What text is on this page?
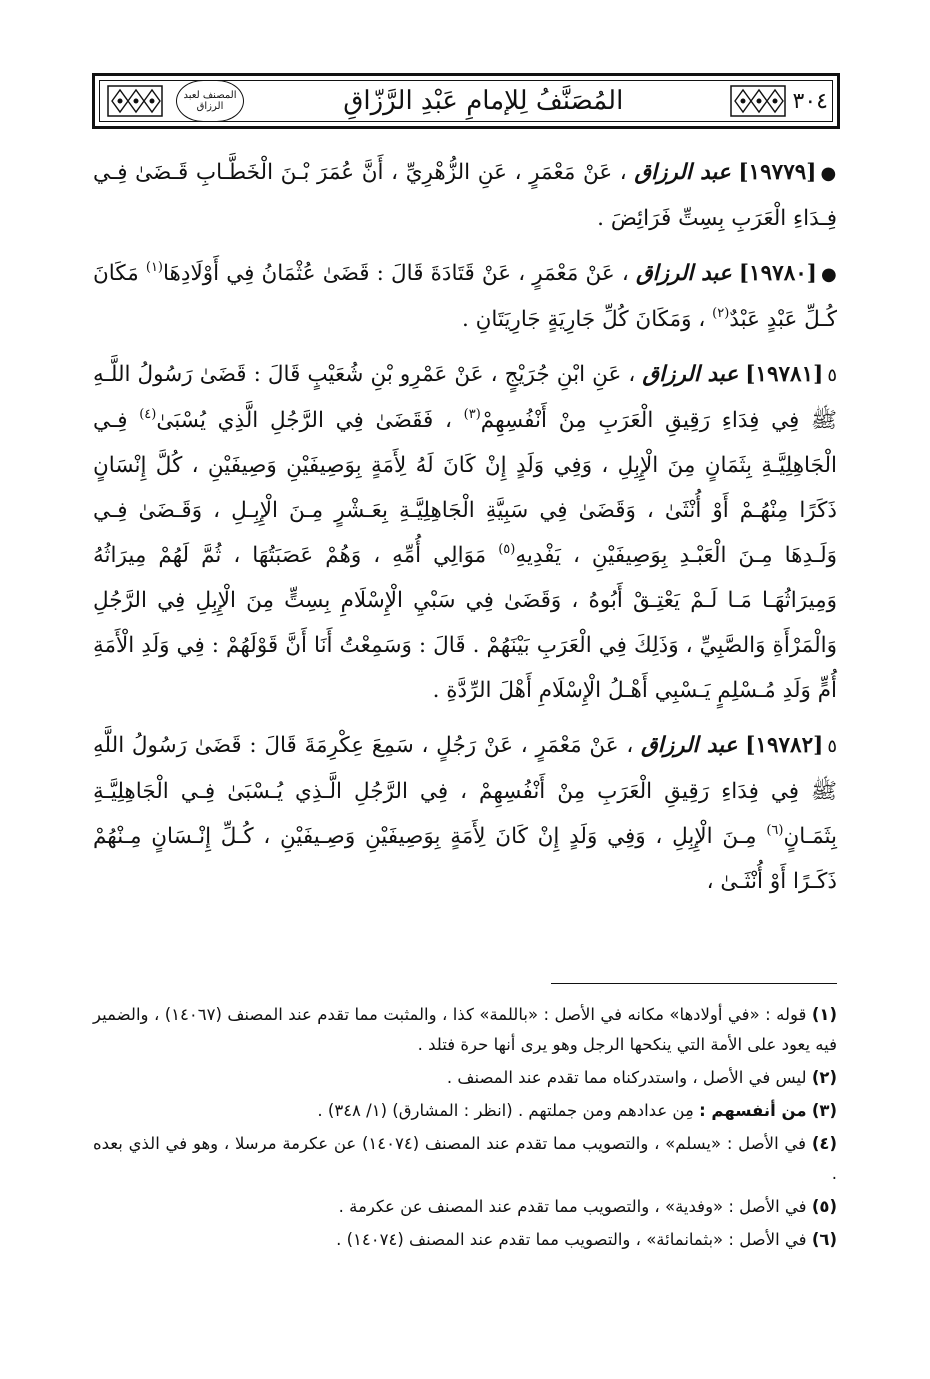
المصنف لعبد الرزاق	المُصَنَّفُ لِلإمامِ عَبْدِ الرَّزّاقِ	٣٠٤

●[١٩٧٧٩] عبد الرزاق ، عَنْ مَعْمَرٍ ، عَنِ الزُّهْرِيِّ ، أَنَّ عُمَرَ بْـنَ الْخَطَّـابِ قَـضَىٰ فِـي فِـدَاءِ الْعَرَبِ بِسِتِّ فَرَائِضَ .

●[١٩٧٨٠] عبد الرزاق ، عَنْ مَعْمَرٍ ، عَنْ قَتَادَةَ قَالَ : قَضَىٰ عُثْمَانُ فِي أَوْلَادِهَا$^{(١)}$ مَكَانَ كُـلِّ عَبْدٍ عَبْدٌ$^{(٢)}$ ، وَمَكَانَ كُلِّ جَارِيَةٍ جَارِيَتَانِ .

٥[١٩٧٨١] عبد الرزاق ، عَنِ ابْنِ جُرَيْجٍ ، عَنْ عَمْرِو بْنِ شُعَيْبٍ قَالَ : قَضَىٰ رَسُولُ اللَّـهِ ﷺ فِي فِدَاءِ رَقِيقِ الْعَرَبِ مِنْ أَنْفُسِهِمْ$^{(٣)}$ ، فَقَضَىٰ فِي الرَّجُلِ الَّذِي يُسْبَىٰ$^{(٤)}$ فِـي الْجَاهِلِيَّـةِ بِثَمَانٍ مِنَ الْإِبِلِ ، وَفِي وَلَدٍ إِنْ كَانَ لَهُ لِأَمَةٍ بِوَصِيفَيْنِ وَصِيفَيْنِ ، كُلَّ إِنْسَانٍ ذَكَرًا مِنْهُـمْ أَوْ أُنْثَىٰ ، وَقَضَىٰ فِي سَبِيَّةِ الْجَاهِلِيَّـةِ بِعَـشْرٍ مِـنَ الْإِبِـلِ ، وَقَـضَىٰ فِـي وَلَـدِهَا مِـنَ الْعَبْـدِ بِوَصِيفَيْنِ ، يَفْدِيهِ$^{(٥)}$ مَوَالِي أُمِّهِ ، وَهُمْ عَصَبَتُهَا ، ثُمَّ لَهُمْ مِيرَاثُهُ وَمِيرَاثُهَـا مَـا لَـمْ يَعْتِـقْ أَبُوهُ ، وَقَضَىٰ فِي سَبْيِ الْإِسْلَامِ بِسِتٍّ مِنَ الْإِبِلِ فِي الرَّجُلِ وَالْمَرْأَةِ وَالصَّبِيِّ ، وَذَلِكَ فِي الْعَرَبِ بَيْنَهُمْ . قَالَ : وَسَمِعْتُ أَنَا أَنَّ قَوْلَهُمْ : فِي وَلَدِ الْأَمَةِ أُمٍّ وَلَدِ مُـسْلِمٍ يَـسْبِي أَهْـلُ الْإِسْلَامِ أَهْلَ الرِّدَّةِ .

٥[١٩٧٨٢] عبد الرزاق ، عَنْ مَعْمَرٍ ، عَنْ رَجُلٍ ، سَمِعَ عِكْرِمَةَ قَالَ : قَضَىٰ رَسُولُ اللَّهِ ﷺ فِي فِدَاءِ رَقِيقِ الْعَرَبِ مِنْ أَنْفُسِهِمْ ، فِي الرَّجُلِ الَّـذِي يُـسْبَىٰ فِـي الْجَاهِلِيَّـةِ بِثَمَـانٍ$^{(٦)}$ مِـنَ الْإِبِلِ ، وَفِي وَلَدٍ إِنْ كَانَ لِأَمَةٍ بِوَصِيفَيْنِ وَصِـيفَيْنِ ، كُـلِّ إِنْـسَانٍ مِـنْهُمْ ذَكَـرًا أَوْ أُنْثَـىٰ ،

(١) قوله : «في أولادها» مكانه في الأصل : «باللمة» كذا ، والمثبت مما تقدم عند المصنف (١٤٠٦٧) ، والضمير فيه يعود على الأمة التي ينكحها الرجل وهو يرى أنها حرة فتلد .

(٢) ليس في الأصل ، واستدركناه مما تقدم عند المصنف .

(٣) من أنفسهم : مِن عدادهم ومن جملتهم . (انظر : المشارق) (١/ ٣٤٨) .

(٤) في الأصل : «يسلم» ، والتصويب مما تقدم عند المصنف (١٤٠٧٤) عن عكرمة مرسلا ، وهو في الذي بعده .

(٥) في الأصل : «وفدية» ، والتصويب مما تقدم عند المصنف عن عكرمة .

(٦) في الأصل : «بثمانمائة» ، والتصويب مما تقدم عند المصنف (١٤٠٧٤) .
